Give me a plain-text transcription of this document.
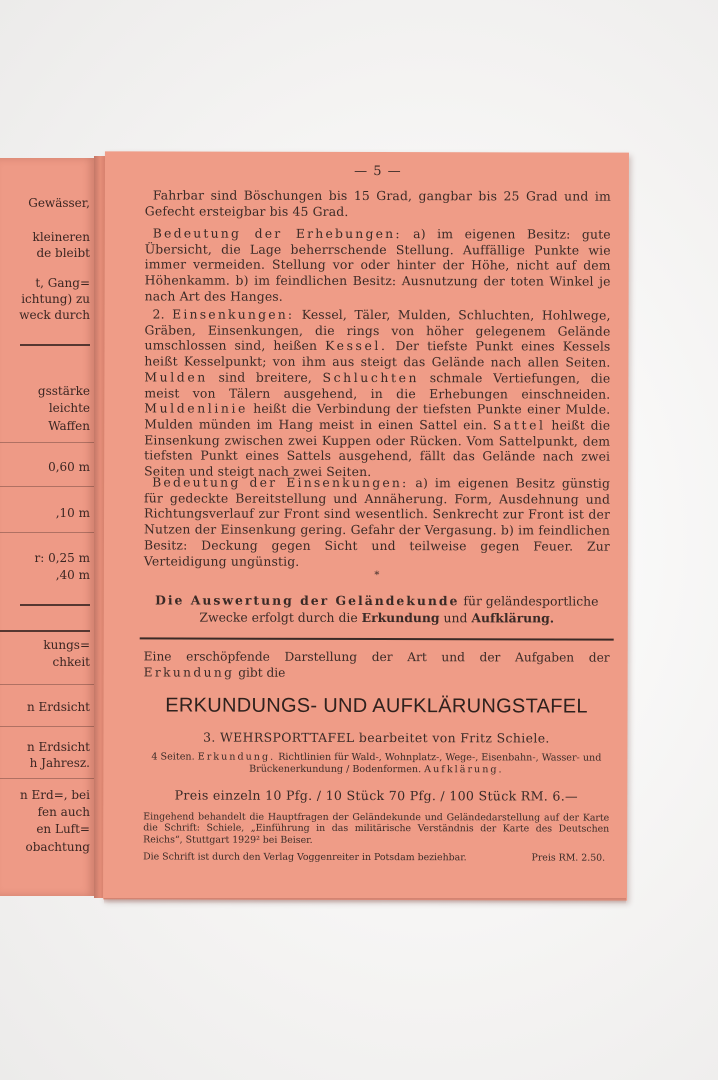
Gewässer,
kleineren
de bleibt
t, Gang=
ichtung) zu
weck durch
gsstärke
leichte
Waffen
0,60 m
,10 m
r: 0,25 m
,40 m
kungs=
chkeit
n Erdsicht
n Erdsicht
h Jahresz.
n Erd=, bei
fen auch
en Luft=
obachtung
— 5 —
Fahrbar sind Böschungen bis 15 Grad, gangbar bis 25 Grad und im Gefecht ersteigbar bis 45 Grad.
Bedeutung der Erhebungen: a) im eigenen Besitz: gute Übersicht, die Lage beherrschende Stellung. Auffällige Punkte wie immer vermeiden. Stellung vor oder hinter der Höhe, nicht auf dem Höhenkamm. b) im feindlichen Besitz: Ausnutzung der toten Winkel je nach Art des Hanges.
2. Einsenkungen: Kessel, Täler, Mulden, Schluchten, Hohlwege, Gräben, Einsenkungen, die rings von höher gelegenem Gelände umschlossen sind, heißen Kessel. Der tiefste Punkt eines Kessels heißt Kesselpunkt; von ihm aus steigt das Gelände nach allen Seiten. Mulden sind breitere, Schluchten schmale Vertiefungen, die meist von Tälern ausgehend, in die Erhebungen einschneiden. Muldenlinie heißt die Verbindung der tiefsten Punkte einer Mulde. Mulden münden im Hang meist in einen Sattel ein. Sattel heißt die Einsenkung zwischen zwei Kuppen oder Rücken. Vom Sattelpunkt, dem tiefsten Punkt eines Sattels ausgehend, fällt das Gelände nach zwei Seiten und steigt nach zwei Seiten.
Bedeutung der Einsenkungen: a) im eigenen Besitz günstig für gedeckte Bereitstellung und Annäherung. Form, Ausdehnung und Richtungsverlauf zur Front sind wesentlich. Senkrecht zur Front ist der Nutzen der Einsenkung gering. Gefahr der Vergasung. b) im feindlichen Besitz: Deckung gegen Sicht und teilweise gegen Feuer. Zur Verteidigung ungünstig.
*
Die Auswertung der Geländekunde für geländesportliche Zwecke erfolgt durch die Erkundung und Aufklärung.
Eine erschöpfende Darstellung der Art und der Aufgaben der Erkundung gibt die
ERKUNDUNGS- UND AUFKLÄRUNGSTAFEL
3. WEHRSPORTTAFEL bearbeitet von Fritz Schiele.
4 Seiten. Erkundung. Richtlinien für Wald-, Wohnplatz-, Wege-, Eisenbahn-, Wasser- und Brückenerkundung / Bodenformen. Aufklärung.
Preis einzeln 10 Pfg. / 10 Stück 70 Pfg. / 100 Stück RM. 6.—
Eingehend behandelt die Hauptfragen der Geländekunde und Geländedarstellung auf der Karte die Schrift: Schiele, „Einführung in das militärische Verständnis der Karte des Deutschen Reichs“, Stuttgart 1929² bei Beiser.
Die Schrift ist durch den Verlag Voggenreiter in Potsdam beziehbar.	Preis RM. 2.50.
